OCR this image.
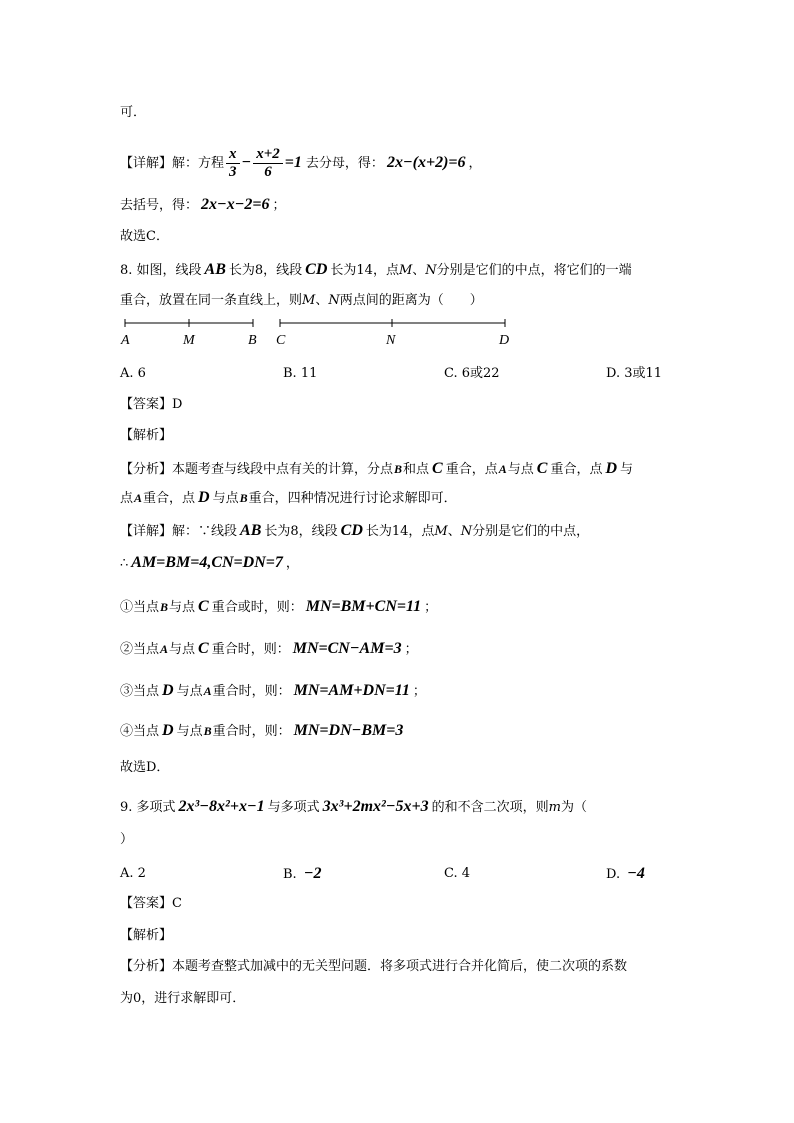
可．
【详解】解：方程 $\frac{x}{3} - \frac{x+2}{6} =1$ 去分母，得： 2x−(x+2)=6 ，
去括号，得： 2x−x−2=6 ；
故选C．
8. 如图，线段 AB 长为8，线段 CD 长为14，点M、N分别是它们的中点，将它们的一端
重合，放置在同一条直线上，则M、N两点间的距离为（　　）
A	M	B C	N	D
A. 6	B. 11	C. 6或22	D. 3或11
【答案】D
【解析】
【分析】本题考查与线段中点有关的计算，分点B和点 C 重合，点A与点 C 重合，点 D 与
点A重合，点 D 与点B重合，四种情况进行讨论求解即可．
【详解】解：∵线段 AB 长为8，线段 CD 长为14，点M、N分别是它们的中点，
∴ AM=BM=4,CN=DN=7 ，
①当点B与点 C 重合或时，则： MN=BM+CN=11 ；
②当点A与点 C 重合时，则： MN=CN−AM=3 ；
③当点 D 与点A重合时，则： MN=AM+DN=11 ；
④当点 D 与点B重合时，则： MN=DN−BM=3
故选D．
9. 多项式 2x³−8x²+x−1 与多项式 3x³+2mx²−5x+3 的和不含二次项，则m为（
）
A. 2	B. −2	C. 4	D. −4
【答案】C
【解析】
【分析】本题考查整式加减中的无关型问题．将多项式进行合并化简后，使二次项的系数
为0，进行求解即可．
